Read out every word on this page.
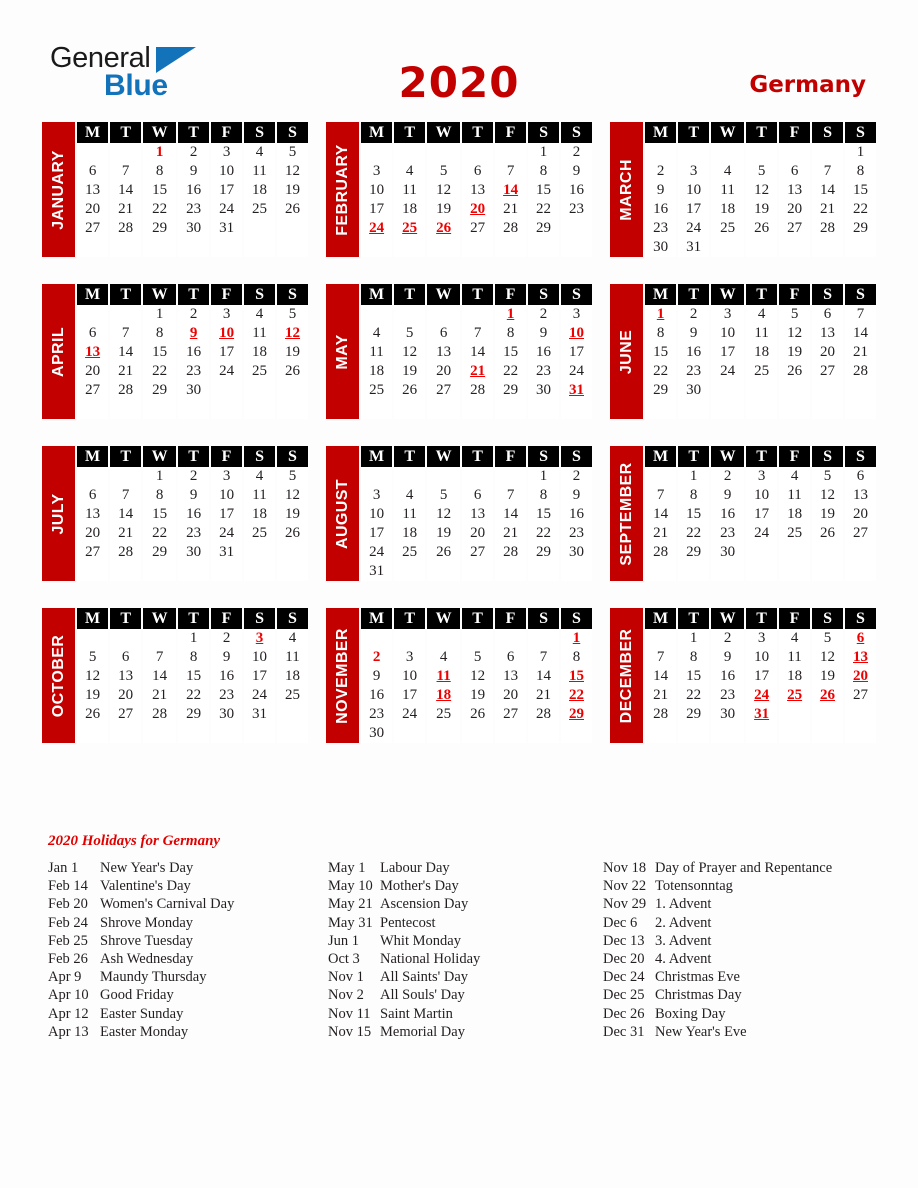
General
Blue	2020	Germany
JANUARY
M	T	W	T	F	S	S
		1	2	3	4	5
6	7	8	9	10	11	12
13	14	15	16	17	18	19
20	21	22	23	24	25	26
27	28	29	30	31		
							FEBRUARY
M	T	W	T	F	S	S
					1	2
3	4	5	6	7	8	9
10	11	12	13	14	15	16
17	18	19	20	21	22	23
24	25	26	27	28	29	

MARCH
M	T	W	T	F	S	S
						1
2	3	4	5	6	7	8
9	10	11	12	13	14	15
16	17	18	19	20	21	22
23	24	25	26	27	28	29
30	31					
APRIL
M	T	W	T	F	S	S
		1	2	3	4	5
6	7	8	9	10	11	12
13	14	15	16	17	18	19
20	21	22	23	24	25	26
27	28	29	30			

MAY
M	T	W	T	F	S	S
				1	2	3
4	5	6	7	8	9	10
11	12	13	14	15	16	17
18	19	20	21	22	23	24
25	26	27	28	29	30	31

JUNE
M	T	W	T	F	S	S
1	2	3	4	5	6	7
8	9	10	11	12	13	14
15	16	17	18	19	20	21
22	23	24	25	26	27	28
29	30					

JULY
M	T	W	T	F	S	S
		1	2	3	4	5
6	7	8	9	10	11	12
13	14	15	16	17	18	19
20	21	22	23	24	25	26
27	28	29	30	31		

AUGUST
M	T	W	T	F	S	S
					1	2
3	4	5	6	7	8	9
10	11	12	13	14	15	16
17	18	19	20	21	22	23
24	25	26	27	28	29	30
31						
SEPTEMBER
M	T	W	T	F	S	S
	1	2	3	4	5	6
7	8	9	10	11	12	13
14	15	16	17	18	19	20
21	22	23	24	25	26	27
28	29	30				

OCTOBER
M	T	W	T	F	S	S
			1	2	3	4
5	6	7	8	9	10	11
12	13	14	15	16	17	18
19	20	21	22	23	24	25
26	27	28	29	30	31	
							NOVEMBER
M	T	W	T	F	S	S
						1
2	3	4	5	6	7	8
9	10	11	12	13	14	15
16	17	18	19	20	21	22
23	24	25	26	27	28	29
30						
DECEMBER
M	T	W	T	F	S	S
	1	2	3	4	5	6
7	8	9	10	11	12	13
14	15	16	17	18	19	20
21	22	23	24	25	26	27
28	29	30	31			

2020 Holidays for Germany
Jan 1	New Year's Day
Feb 14 Valentine's Day
Feb 20 Women's Carnival Day
Feb 24 Shrove Monday
Feb 25 Shrove Tuesday
Feb 26 Ash Wednesday
Apr 9	Maundy Thursday
Apr 10 Good Friday
Apr 12 Easter Sunday
Apr 13 Easter Monday
May 1	Labour Day
May 10 Mother's Day
May 21 Ascension Day
May 31 Pentecost
Jun 1	Whit Monday
Oct 3	National Holiday
Nov 1	All Saints' Day
Nov 2	All Souls' Day
Nov 11 Saint Martin
Nov 15 Memorial Day
Nov 18 Day of Prayer and Repentance
Nov 22 Totensonntag
Nov 29 1. Advent
Dec 6	2. Advent
Dec 13 3. Advent
Dec 20 4. Advent
Dec 24 Christmas Eve
Dec 25 Christmas Day
Dec 26 Boxing Day
Dec 31 New Year's Eve
